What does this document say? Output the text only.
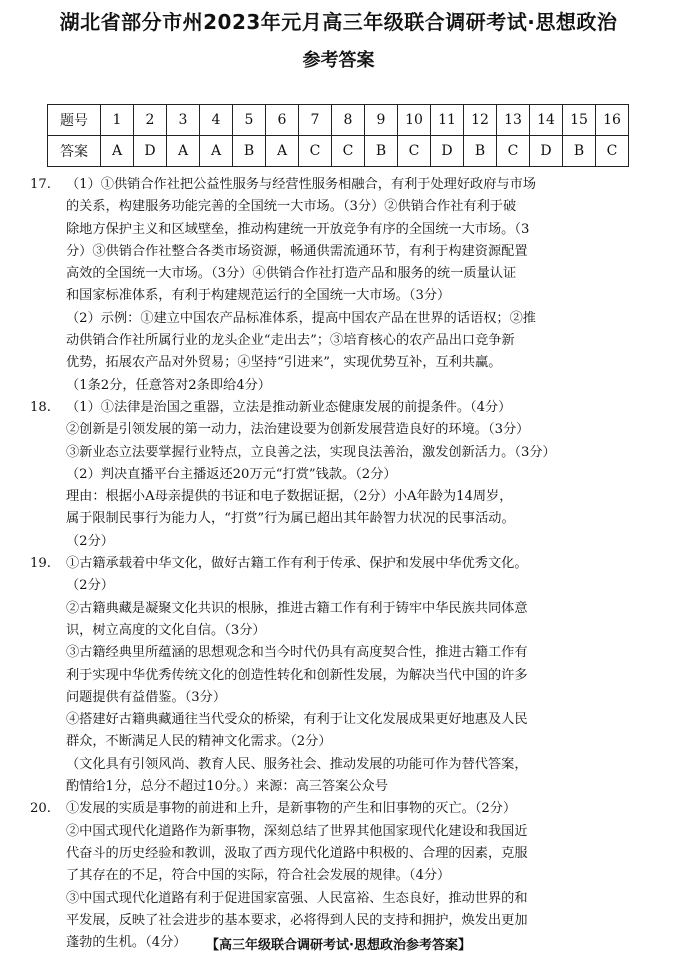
湖北省部分市州2023年元月高三年级联合调研考试·思想政治
参考答案
题号	1	2	3	4	5	6	7	8	9	10	11	12	13	14	15	16
答案	A	D	A	A	B	A	C	C	B	C	D	B	C	D	B	C
17.	（1）①供销合作社把公益性服务与经营性服务相融合，有利于处理好政府与市场
的关系，构建服务功能完善的全国统一大市场。（3分）②供销合作社有利于破
除地方保护主义和区域壁垒，推动构建统一开放竞争有序的全国统一大市场。（3
分）③供销合作社整合各类市场资源，畅通供需流通环节，有利于构建资源配置
高效的全国统一大市场。（3分）④供销合作社打造产品和服务的统一质量认证
和国家标准体系，有利于构建规范运行的全国统一大市场。（3分）
（2）示例：①建立中国农产品标准体系，提高中国农产品在世界的话语权；②推
动供销合作社所属行业的龙头企业“走出去”；③培育核心的农产品出口竞争新
优势，拓展农产品对外贸易；④坚持“引进来”，实现优势互补，互利共赢。
（1条2分，任意答对2条即给4分）
18.	（1）①法律是治国之重器，立法是推动新业态健康发展的前提条件。（4分）
②创新是引领发展的第一动力，法治建设要为创新发展营造良好的环境。（3分）
③新业态立法要掌握行业特点，立良善之法，实现良法善治，激发创新活力。（3分）
（2）判决直播平台主播返还20万元“打赏”钱款。（2分）
理由：根据小A母亲提供的书证和电子数据证据，（2分）小A年龄为14周岁，
属于限制民事行为能力人，“打赏”行为属已超出其年龄智力状况的民事活动。
（2分）
19.	①古籍承载着中华文化，做好古籍工作有利于传承、保护和发展中华优秀文化。
（2分）
②古籍典藏是凝聚文化共识的根脉，推进古籍工作有利于铸牢中华民族共同体意
识，树立高度的文化自信。（3分）
③古籍经典里所蕴涵的思想观念和当今时代仍具有高度契合性，推进古籍工作有
利于实现中华优秀传统文化的创造性转化和创新性发展，为解决当代中国的许多
问题提供有益借鉴。（3分）
④搭建好古籍典藏通往当代受众的桥梁，有利于让文化发展成果更好地惠及人民
群众，不断满足人民的精神文化需求。（2分）
（文化具有引领风尚、教育人民、服务社会、推动发展的功能可作为替代答案，
酌情给1分，总分不超过10分。）来源：高三答案公众号
20.	①发展的实质是事物的前进和上升，是新事物的产生和旧事物的灭亡。（2分）
②中国式现代化道路作为新事物，深刻总结了世界其他国家现代化建设和我国近
代奋斗的历史经验和教训，汲取了西方现代化道路中积极的、合理的因素，克服
了其存在的不足，符合中国的实际，符合社会发展的规律。（4分）
③中国式现代化道路有利于促进国家富强、人民富裕、生态良好，推动世界的和
平发展，反映了社会进步的基本要求，必将得到人民的支持和拥护，焕发出更加
蓬勃的生机。（4分）	【高三年级联合调研考试·思想政治参考答案】
